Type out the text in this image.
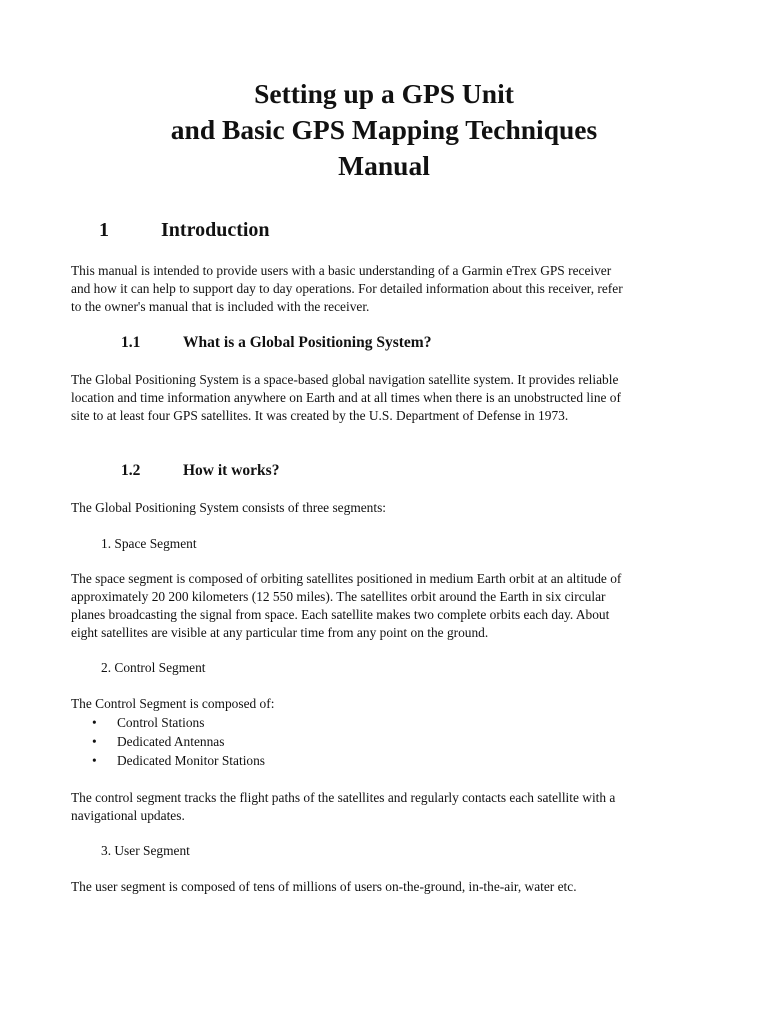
Setting up a GPS Unit
and Basic GPS Mapping Techniques
Manual
1	Introduction
This manual is intended to provide users with a basic understanding of a Garmin eTrex GPS receiver
and how it can help to support day to day operations. For detailed information about this receiver, refer
to the owner's manual that is included with the receiver.
1.1	What is a Global Positioning System?
The Global Positioning System is a space-based global navigation satellite system. It provides reliable
location and time information anywhere on Earth and at all times when there is an unobstructed line of
site to at least four GPS satellites. It was created by the U.S. Department of Defense in 1973.
1.2	How it works?
The Global Positioning System consists of three segments:
1. Space Segment
The space segment is composed of orbiting satellites positioned in medium Earth orbit at an altitude of
approximately 20 200 kilometers (12 550 miles). The satellites orbit around the Earth in six circular
planes broadcasting the signal from space. Each satellite makes two complete orbits each day. About
eight satellites are visible at any particular time from any point on the ground.
2. Control Segment
The Control Segment is composed of:
• Control Stations
• Dedicated Antennas
• Dedicated Monitor Stations
The control segment tracks the flight paths of the satellites and regularly contacts each satellite with a
navigational updates.
3. User Segment
The user segment is composed of tens of millions of users on-the-ground, in-the-air, water etc.
